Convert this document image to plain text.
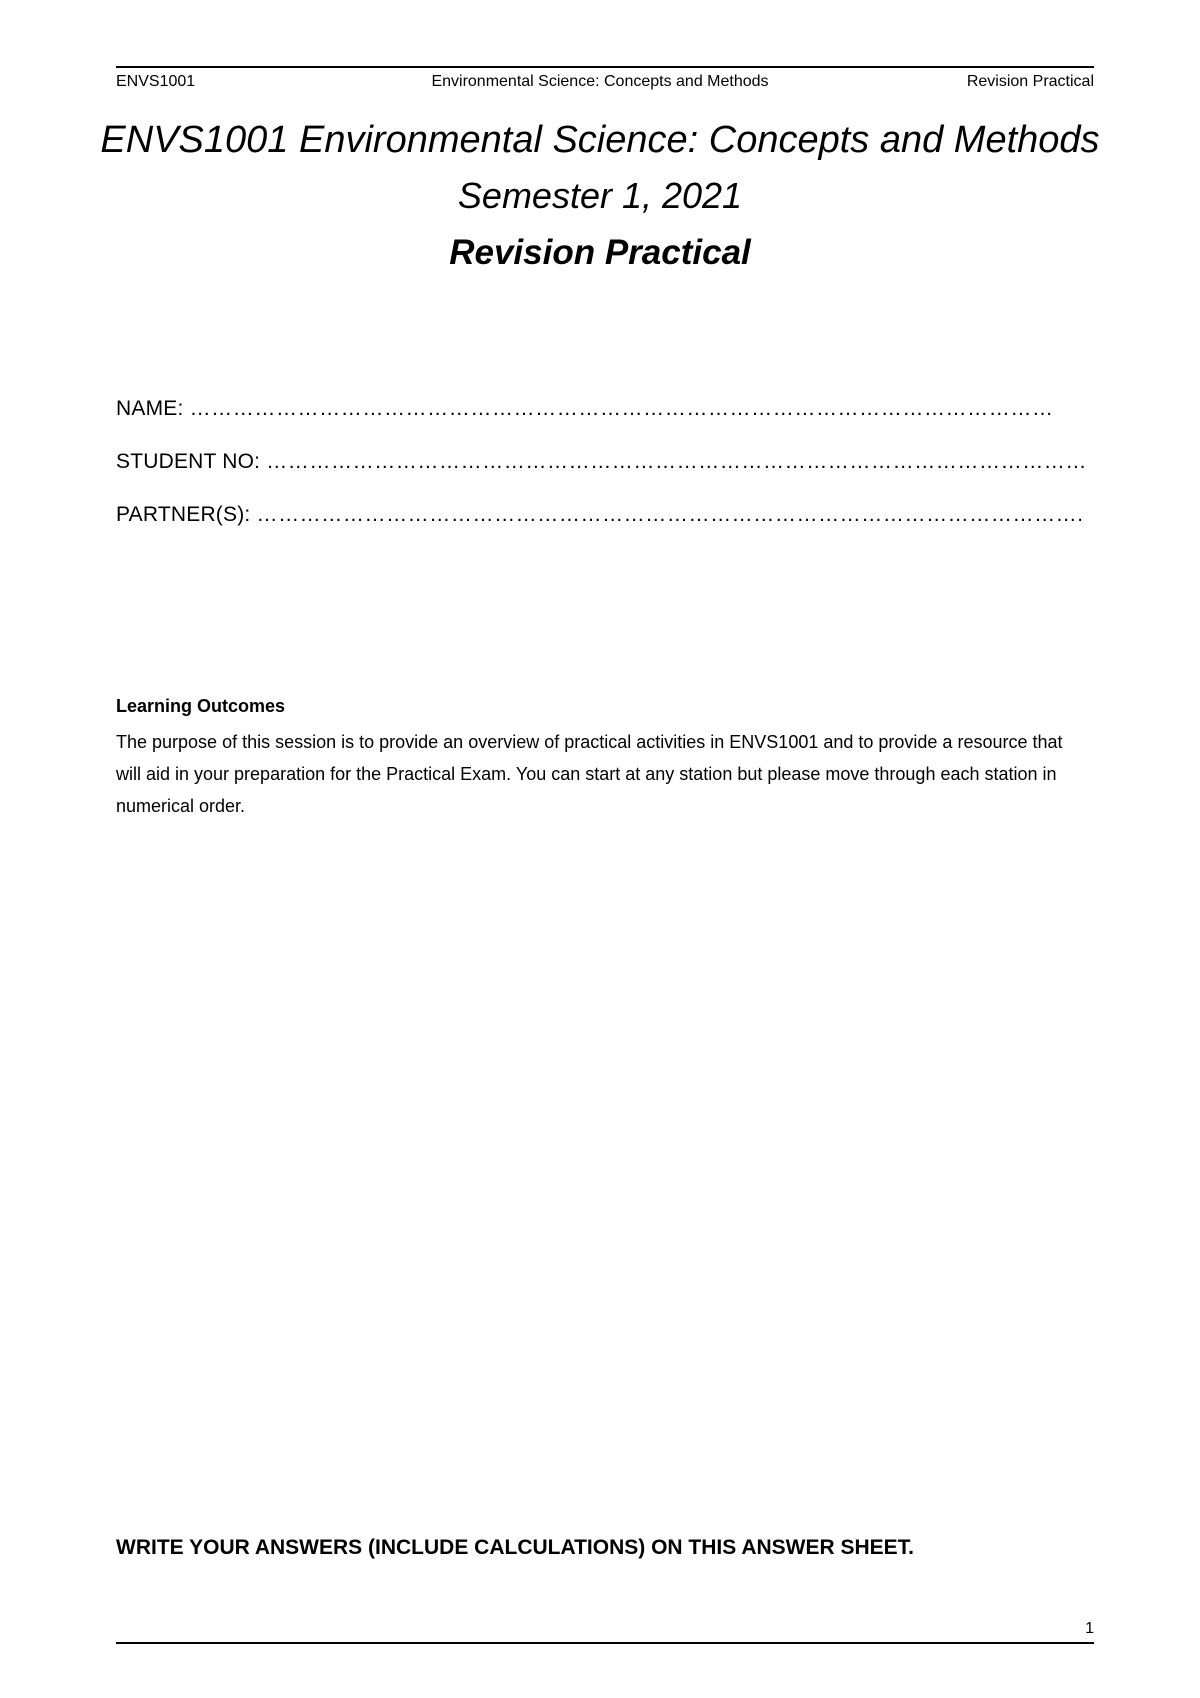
ENVS1001	Environmental Science: Concepts and Methods	Revision Practical
ENVS1001 Environmental Science: Concepts and Methods
Semester 1, 2021
Revision Practical
NAME: …………………………………………………………………………………………………………
STUDENT NO: ……………………………………………………………………………………………………
PARTNER(S): …………………………………………………………………………………………………….
Learning Outcomes
The purpose of this session is to provide an overview of practical activities in ENVS1001 and to provide a resource that will aid in your preparation for the Practical Exam. You can start at any station but please move through each station in numerical order.
WRITE YOUR ANSWERS (INCLUDE CALCULATIONS) ON THIS ANSWER SHEET.
1
